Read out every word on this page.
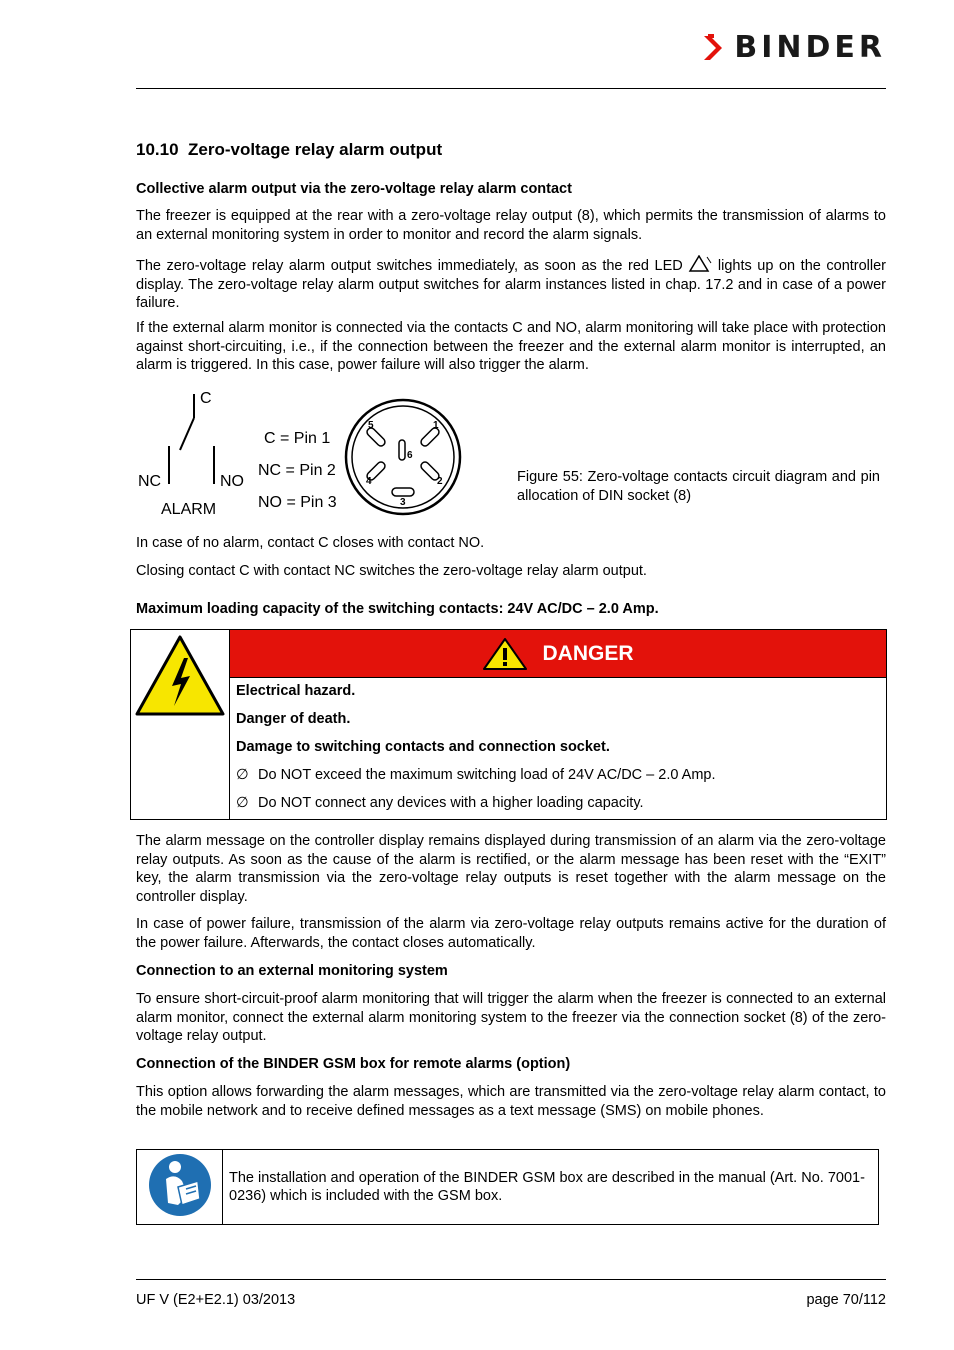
BINDER
10.10 Zero-voltage relay alarm output

Collective alarm output via the zero-voltage relay alarm contact

The freezer is equipped at the rear with a zero-voltage relay output (8), which permits the transmission of alarms to an external monitoring system in order to monitor and record the alarm signals.

The zero-voltage relay alarm output switches immediately, as soon as the red LED lights up on the controller display. The zero-voltage relay alarm output switches for alarm instances listed in chap. 17.2 and in case of a power failure.

If the external alarm monitor is connected via the contacts C and NO, alarm monitoring will take place with protection against short-circuiting, i.e., if the connection between the freezer and the external alarm monitor is interrupted, an alarm is triggered. In this case, power failure will also trigger the alarm.

C
NC	NO
ALARM
C = Pin 1
NC = Pin 2
NO = Pin 3
5	1
6
4	2
3
Figure 55: Zero-voltage contacts circuit diagram and pin allocation of DIN socket (8)

In case of no alarm, contact C closes with contact NO.

Closing contact C with contact NC switches the zero-voltage relay alarm output.

Maximum loading capacity of the switching contacts: 24V AC/DC – 2.0 Amp.

DANGER

Electrical hazard.
Danger of death.
Damage to switching contacts and connection socket.
∅ Do NOT exceed the maximum switching load of 24V AC/DC – 2.0 Amp.
∅ Do NOT connect any devices with a higher loading capacity.

The alarm message on the controller display remains displayed during transmission of an alarm via the zero-voltage relay outputs. As soon as the cause of the alarm is rectified, or the alarm message has been reset with the “EXIT” key, the alarm transmission via the zero-voltage relay outputs is reset together with the alarm message on the controller display.

In case of power failure, transmission of the alarm via zero-voltage relay outputs remains active for the duration of the power failure. Afterwards, the contact closes automatically.

Connection to an external monitoring system

To ensure short-circuit-proof alarm monitoring that will trigger the alarm when the freezer is connected to an external alarm monitor, connect the external alarm monitoring system to the freezer via the connection socket (8) of the zero-voltage relay output.

Connection of the BINDER GSM box for remote alarms (option)

This option allows forwarding the alarm messages, which are transmitted via the zero-voltage relay alarm contact, to the mobile network and to receive defined messages as a text message (SMS) on mobile phones.

	The installation and operation of the BINDER GSM box are described in the manual (Art. No. 7001-0236) which is included with the GSM box.
UF V (E2+E2.1) 03/2013	page 70/112
